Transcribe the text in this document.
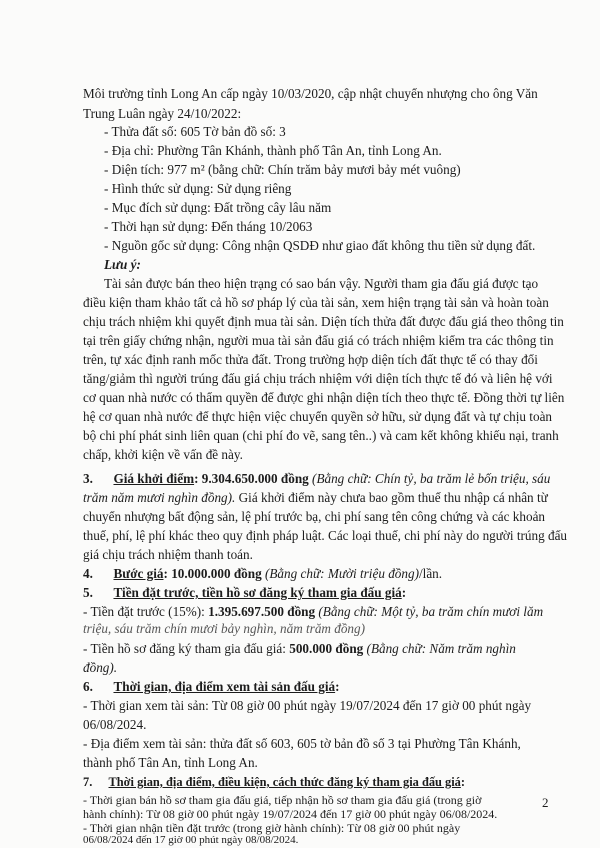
Môi trường tỉnh Long An cấp ngày 10/03/2020, cập nhật chuyển nhượng cho ông Văn
Trung Luân ngày 24/10/2022:
- Thửa đất số: 605 Tờ bản đồ số: 3
- Địa chỉ: Phường Tân Khánh, thành phố Tân An, tỉnh Long An.
- Diện tích: 977 m² (bằng chữ: Chín trăm bảy mươi bảy mét vuông)
- Hình thức sử dụng: Sử dụng riêng
- Mục đích sử dụng: Đất trồng cây lâu năm
- Thời hạn sử dụng: Đến tháng 10/2063
- Nguồn gốc sử dụng: Công nhận QSDĐ như giao đất không thu tiền sử dụng đất.
Lưu ý:
Tài sản được bán theo hiện trạng có sao bán vậy. Người tham gia đấu giá được tạo
điều kiện tham khảo tất cả hồ sơ pháp lý của tài sản, xem hiện trạng tài sản và hoàn toàn
chịu trách nhiệm khi quyết định mua tài sản. Diện tích thửa đất được đấu giá theo thông tin
tại trên giấy chứng nhận, người mua tài sản đấu giá có trách nhiệm kiểm tra các thông tin
trên, tự xác định ranh mốc thửa đất. Trong trường hợp diện tích đất thực tế có thay đổi
tăng/giảm thì người trúng đấu giá chịu trách nhiệm với diện tích thực tế đó và liên hệ với
cơ quan nhà nước có thẩm quyền để được ghi nhận diện tích theo thực tế. Đồng thời tự liên
hệ cơ quan nhà nước để thực hiện việc chuyển quyền sở hữu, sử dụng đất và tự chịu toàn
bộ chi phí phát sinh liên quan (chi phí đo vẽ, sang tên..) và cam kết không khiếu nại, tranh
chấp, khởi kiện về vấn đề này.
3. Giá khởi điểm: 9.304.650.000 đồng (Bằng chữ: Chín tỷ, ba trăm lẻ bốn triệu, sáu
trăm năm mươi nghìn đồng). Giá khởi điểm này chưa bao gồm thuế thu nhập cá nhân từ
chuyển nhượng bất động sản, lệ phí trước bạ, chi phí sang tên công chứng và các khoản
thuế, phí, lệ phí khác theo quy định pháp luật. Các loại thuế, chi phí này do người trúng đấu
giá chịu trách nhiệm thanh toán.
4. Bước giá: 10.000.000 đồng (Bằng chữ: Mười triệu đồng)/lần.
5. Tiền đặt trước, tiền hồ sơ đăng ký tham gia đấu giá:
- Tiền đặt trước (15%): 1.395.697.500 đồng (Bằng chữ: Một tỷ, ba trăm chín mươi lăm
triệu, sáu trăm chín mươi bảy nghìn, năm trăm đồng)
- Tiền hồ sơ đăng ký tham gia đấu giá: 500.000 đồng (Bằng chữ: Năm trăm nghìn
đồng).
6. Thời gian, địa điểm xem tài sản đấu giá:
- Thời gian xem tài sản: Từ 08 giờ 00 phút ngày 19/07/2024 đến 17 giờ 00 phút ngày
06/08/2024.
- Địa điểm xem tài sản: thửa đất số 603, 605 tờ bản đồ số 3 tại Phường Tân Khánh,
thành phố Tân An, tỉnh Long An.
7. Thời gian, địa điểm, điều kiện, cách thức đăng ký tham gia đấu giá:
- Thời gian bán hồ sơ tham gia đấu giá, tiếp nhận hồ sơ tham gia đấu giá (trong giờ
hành chính): Từ 08 giờ 00 phút ngày 19/07/2024 đến 17 giờ 00 phút ngày 06/08/2024.
- Thời gian nhận tiền đặt trước (trong giờ hành chính): Từ 08 giờ 00 phút ngày
06/08/2024 đến 17 giờ 00 phút ngày 08/08/2024.
2
